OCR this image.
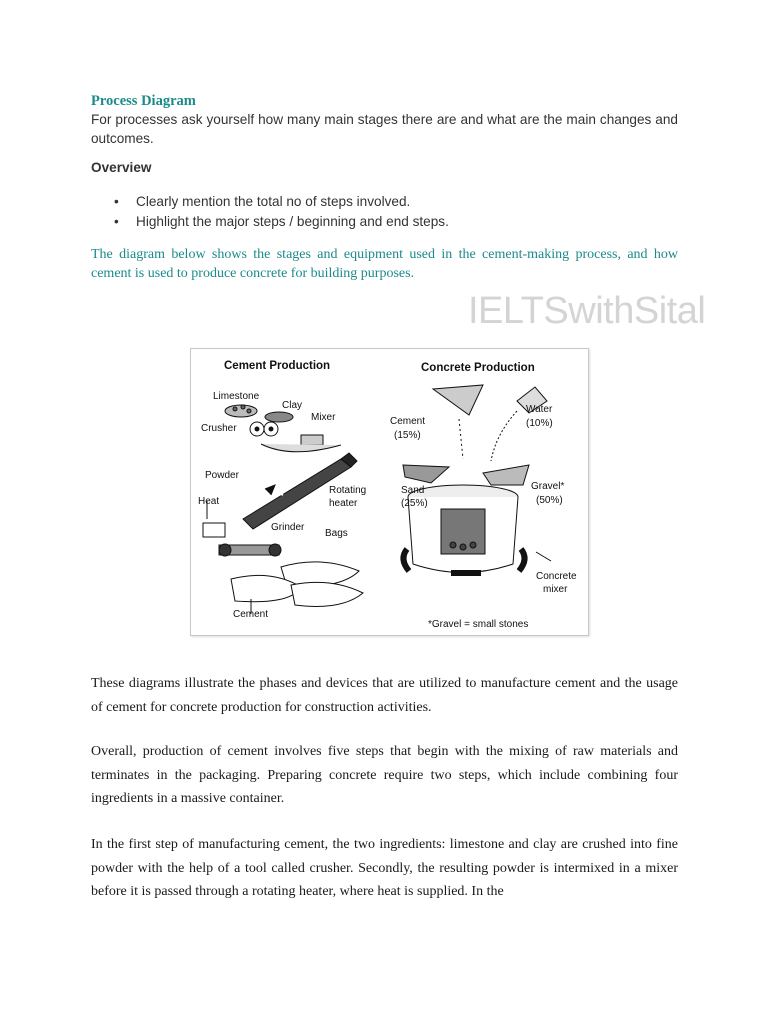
Process Diagram
For processes ask yourself how many main stages there are and what are the main changes and outcomes.
Overview
• Clearly mention the total no of steps involved.
• Highlight the major steps / beginning and end steps.
The diagram below shows the stages and equipment used in the cement-making process, and how cement is used to produce concrete for building purposes.
IELTSwithSital
Cement Production	Concrete Production
Limestone
Clay
Crusher
Mixer
Powder
Heat
Rotating
heater
Grinder
Bags
Cement
Cement
(15%)
Water
(10%)
Sand
(25%)
Gravel*
(50%)
Concrete
mixer
*Gravel = small stones
These diagrams illustrate the phases and devices that are utilized to manufacture cement and the usage of cement for concrete production for construction activities.
Overall, production of cement involves five steps that begin with the mixing of raw materials and terminates in the packaging. Preparing concrete require two steps, which include combining four ingredients in a massive container.
In the first step of manufacturing cement, the two ingredients: limestone and clay are crushed into fine powder with the help of a tool called crusher. Secondly, the resulting powder is intermixed in a mixer before it is passed through a rotating heater, where heat is supplied. In the
